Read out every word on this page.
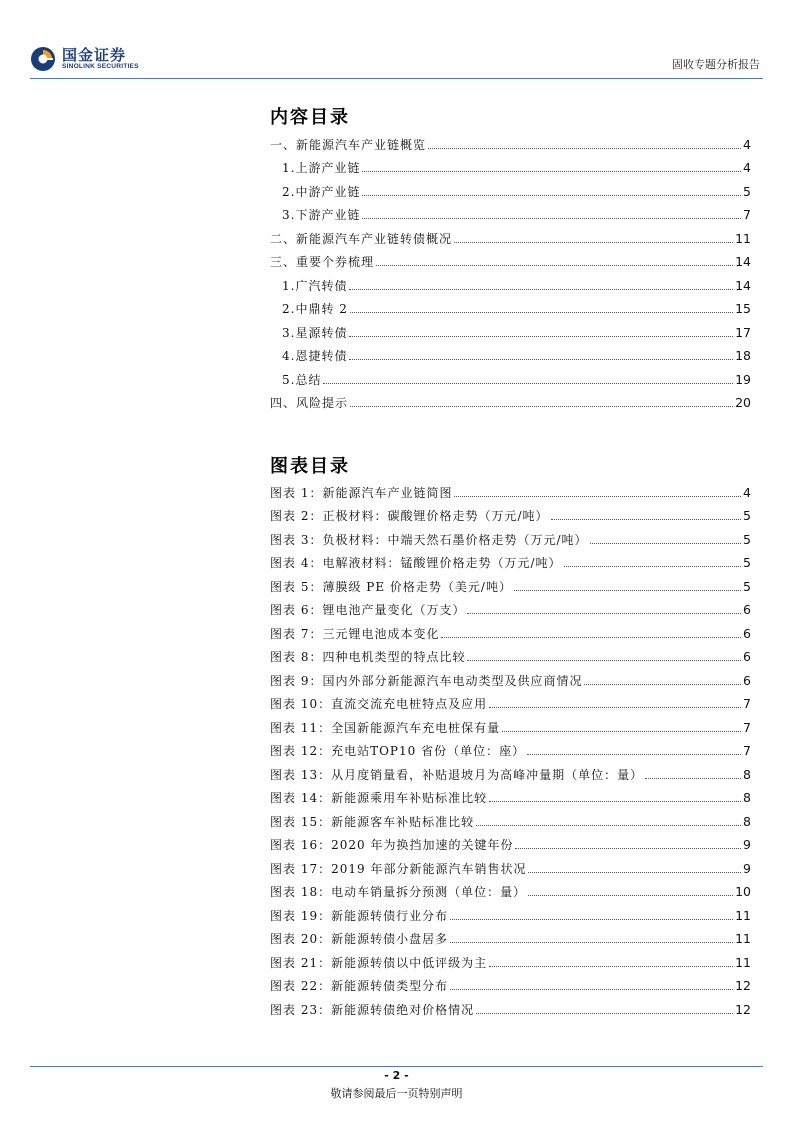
国金证券
SINOLINK SECURITIES	固收专题分析报告
内容目录
一、新能源汽车产业链概览	4
1.上游产业链	4
2.中游产业链	5
3.下游产业链	7
二、新能源汽车产业链转债概况	11
三、重要个券梳理	14
1.广汽转债	14
2.中鼎转 2	15
3.星源转债	17
4.恩捷转债	18
5.总结	19
四、风险提示	20
图表目录
图表 1：新能源汽车产业链简图	4
图表 2：正极材料：碳酸锂价格走势（万元/吨）	5
图表 3：负极材料：中端天然石墨价格走势（万元/吨）	5
图表 4：电解液材料：锰酸锂价格走势（万元/吨）	5
图表 5：薄膜级 PE 价格走势（美元/吨）	5
图表 6：锂电池产量变化（万支）	6
图表 7：三元锂电池成本变化	6
图表 8：四种电机类型的特点比较	6
图表 9：国内外部分新能源汽车电动类型及供应商情况	6
图表 10：直流交流充电桩特点及应用	7
图表 11：全国新能源汽车充电桩保有量	7
图表 12：充电站TOP10 省份（单位：座）	7
图表 13：从月度销量看，补贴退坡月为高峰冲量期（单位：量）	8
图表 14：新能源乘用车补贴标准比较	8
图表 15：新能源客车补贴标准比较	8
图表 16：2020 年为换挡加速的关键年份	9
图表 17：2019 年部分新能源汽车销售状况	9
图表 18：电动车销量拆分预测（单位：量）	10
图表 19：新能源转债行业分布	11
图表 20：新能源转债小盘居多	11
图表 21：新能源转债以中低评级为主	11
图表 22：新能源转债类型分布	12
图表 23：新能源转债绝对价格情况	12
- 2 -
敬请参阅最后一页特别声明
